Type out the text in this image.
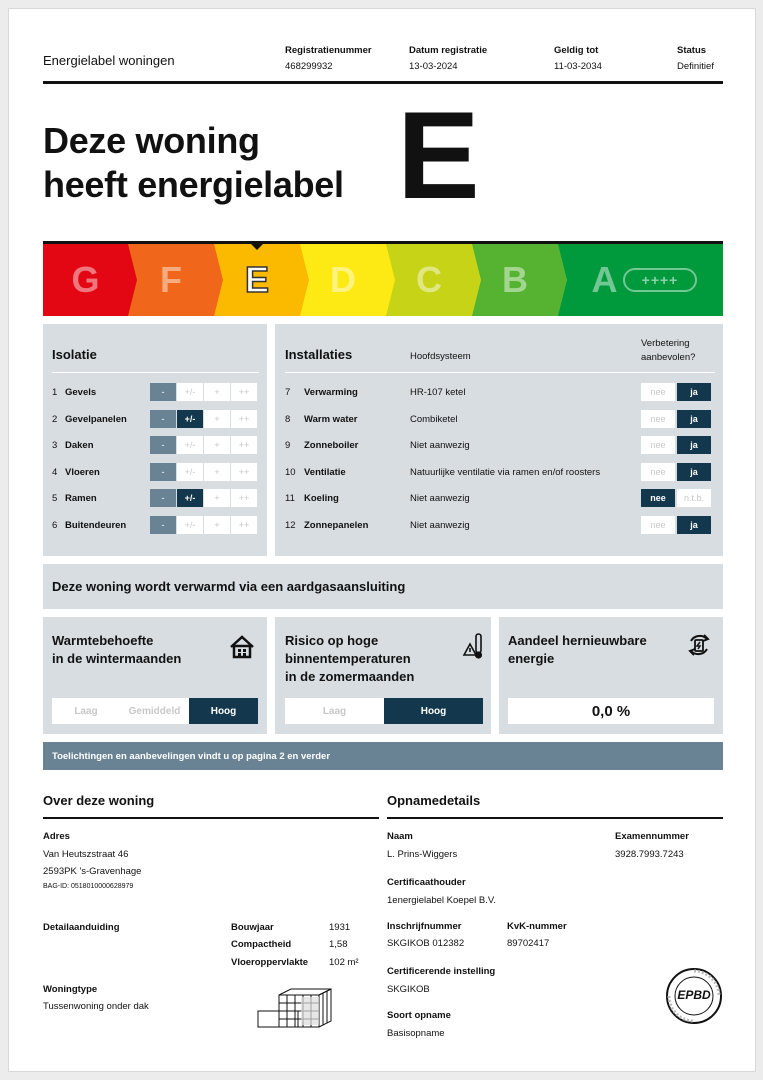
Energielabel woningen
Registratienummer
468299932
Datum registratie
13-03-2024
Geldig tot
11-03-2034
Status
Definitief
Deze woning
heeft energielabel E
G F E D C B A	++++
Isolatie
1 Gevels	-	+/-	+	++
2 Gevelpanelen	-	+/-	+	++
3 Daken	-	+/-	+	++
4 Vloeren	-	+/-	+	++
5 Ramen	-	+/-	+	++
6 Buitendeuren	-	+/-	+	++
Installaties	Hoofdsysteem
Verbetering
aanbevolen?
7 Verwarming	HR-107 ketel	nee	ja
8 Warm water	Combiketel	nee	ja
9 Zonneboiler	Niet aanwezig	nee	ja
10 Ventilatie	Natuurlijke ventilatie via ramen en/of roosters	nee	ja
11 Koeling	Niet aanwezig	nee	n.t.b.
12 Zonnepanelen	Niet aanwezig	nee	ja
Deze woning wordt verwarmd via een aardgasaansluiting
Warmtebehoefte
in de wintermaanden
Laag	Gemiddeld	Hoog
Risico op hoge
binnentemperaturen
in de zomermaanden
Laag	Hoog
Aandeel hernieuwbare
energie
0,0 %
Toelichtingen en aanbevelingen vindt u op pagina 2 en verder
Over deze woning
Adres
Van Heutszstraat 46
2593PK 's-Gravenhage
BAG-ID: 0518010000628979
Detailaanduiding	Bouwjaar	1931
Compactheid	1,58
Vloeroppervlakte 102 m²
Woningtype
Tussenwoning onder dak
Opnamedetails
Naam
L. Prins-Wiggers
Examennummer
3928.7993.7243
Certificaathouder
1energielabel Koepel B.V.
Inschrijfnummer
SKGIKOB 012382
KvK-nummer
89702417
Certificerende instelling
SKGIKOB
Soort opname
Basisopname
EPBD
